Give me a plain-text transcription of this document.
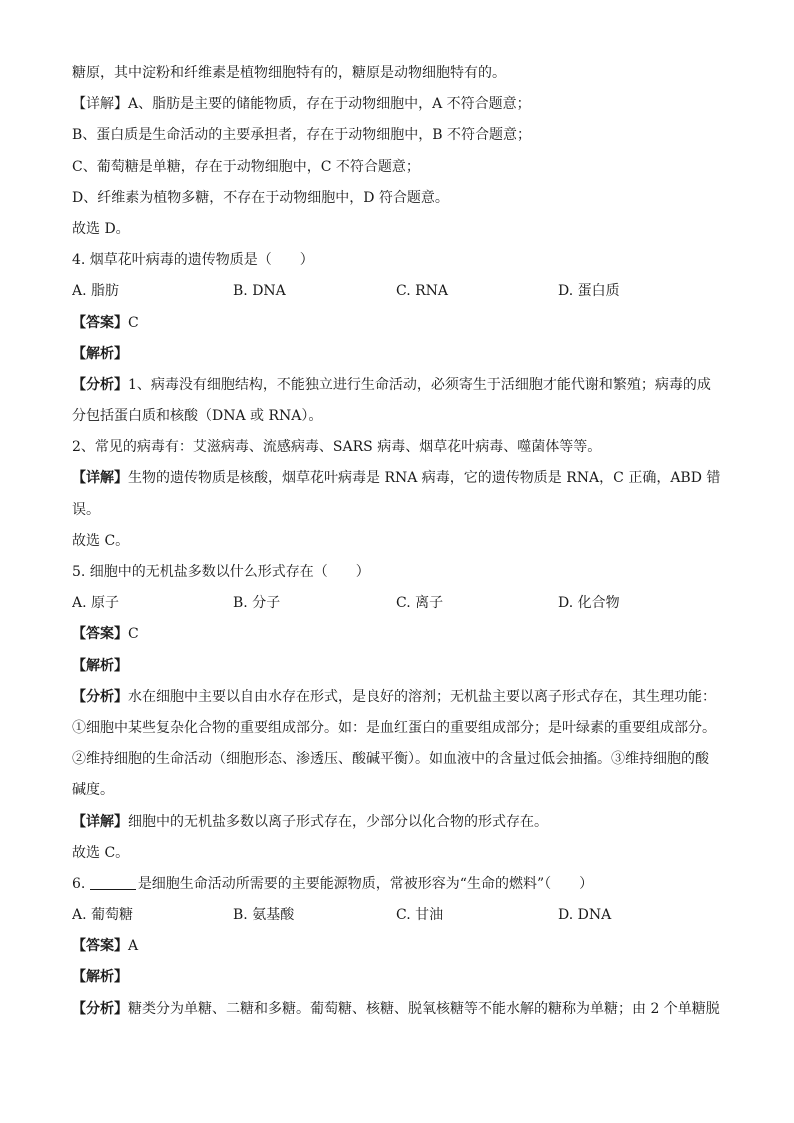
糖原，其中淀粉和纤维素是植物细胞特有的，糖原是动物细胞特有的。
【详解】A、脂肪是主要的储能物质，存在于动物细胞中，A 不符合题意；
B、蛋白质是生命活动的主要承担者，存在于动物细胞中，B 不符合题意；
C、葡萄糖是单糖，存在于动物细胞中，C 不符合题意；
D、纤维素为植物多糖，不存在于动物细胞中，D 符合题意。
故选 D。
4. 烟草花叶病毒的遗传物质是（　　）
A. 脂肪	B. DNA	C. RNA	D. 蛋白质
【答案】C
【解析】
【分析】1、病毒没有细胞结构，不能独立进行生命活动，必须寄生于活细胞才能代谢和繁殖；病毒的成
分包括蛋白质和核酸（DNA 或 RNA）。
2、常见的病毒有：艾滋病毒、流感病毒、SARS 病毒、烟草花叶病毒、噬菌体等等。
【详解】生物的遗传物质是核酸，烟草花叶病毒是 RNA 病毒，它的遗传物质是 RNA，C 正确，ABD 错
误。
故选 C。
5. 细胞中的无机盐多数以什么形式存在（　　）
A. 原子	B. 分子	C. 离子	D. 化合物
【答案】C
【解析】
【分析】水在细胞中主要以自由水存在形式，是良好的溶剂；无机盐主要以离子形式存在，其生理功能：
①细胞中某些复杂化合物的重要组成部分。如：是血红蛋白的重要组成部分；是叶绿素的重要组成部分。
②维持细胞的生命活动（细胞形态、渗透压、酸碱平衡）。如血液中的含量过低会抽搐。③维持细胞的酸
碱度。
【详解】细胞中的无机盐多数以离子形式存在，少部分以化合物的形式存在。
故选 C。
6.	是细胞生命活动所需要的主要能源物质，常被形容为“生命的燃料”（　　）
A. 葡萄糖	B. 氨基酸	C. 甘油	D. DNA
【答案】A
【解析】
【分析】糖类分为单糖、二糖和多糖。葡萄糖、核糖、脱氧核糖等不能水解的糖称为单糖；由 2 个单糖脱
